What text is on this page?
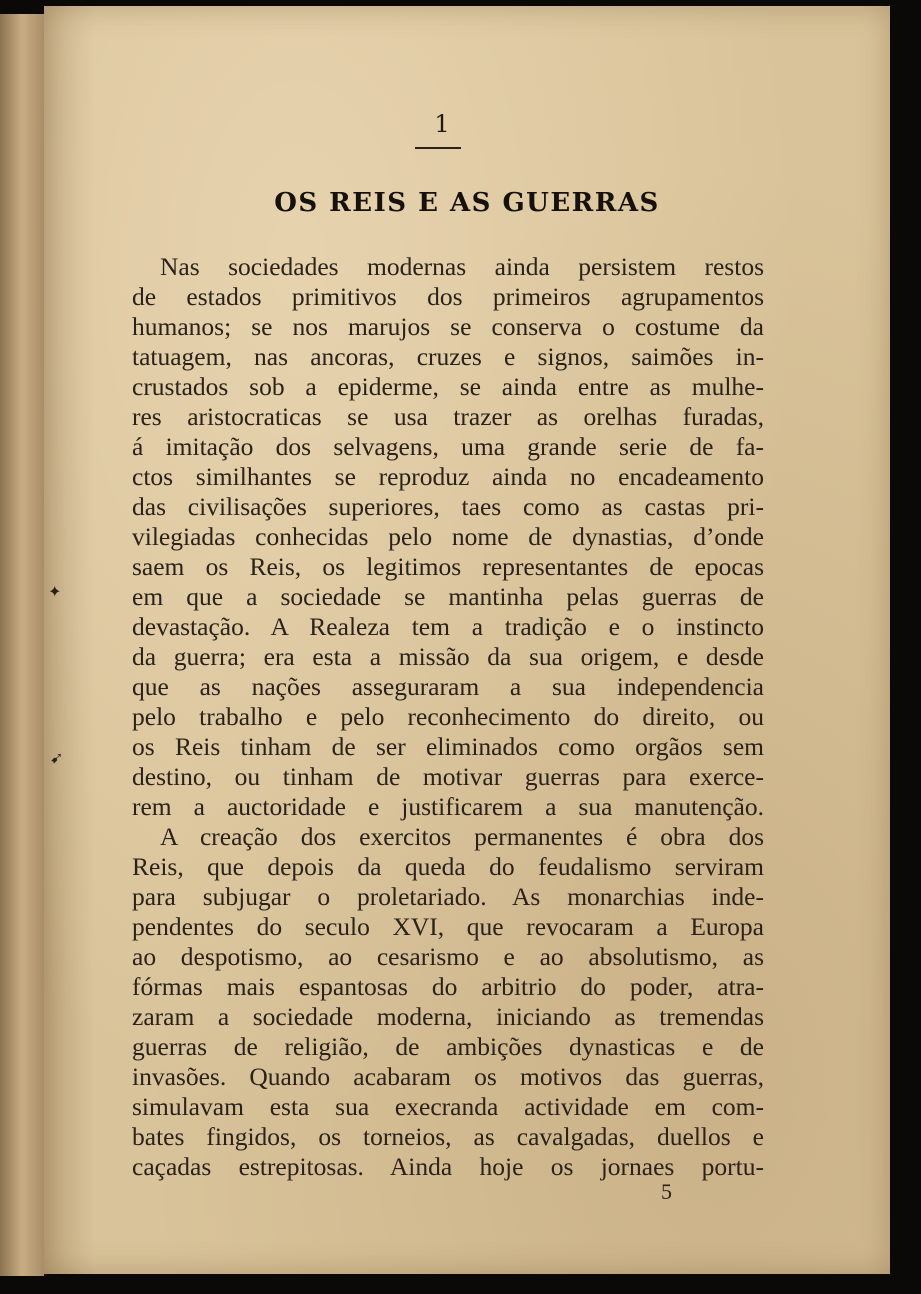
1
OS REIS E AS GUERRAS
Nas sociedades modernas ainda persistem restos
de estados primitivos dos primeiros agrupamentos
humanos; se nos marujos se conserva o costume da
tatuagem, nas ancoras, cruzes e signos, saimões in-
crustados sob a epiderme, se ainda entre as mulhe-
res aristocraticas se usa trazer as orelhas furadas,
á imitação dos selvagens, uma grande serie de fa-
ctos similhantes se reproduz ainda no encadeamento
das civilisações superiores, taes como as castas pri-
vilegiadas conhecidas pelo nome de dynastias, d’onde
saem os Reis, os legitimos representantes de epocas
em que a sociedade se mantinha pelas guerras de
devastação. A Realeza tem a tradição e o instincto
da guerra; era esta a missão da sua origem, e desde
que as nações asseguraram a sua independencia
pelo trabalho e pelo reconhecimento do direito, ou
os Reis tinham de ser eliminados como orgãos sem
destino, ou tinham de motivar guerras para exerce-
rem a auctoridade e justificarem a sua manutenção.
A creação dos exercitos permanentes é obra dos
Reis, que depois da queda do feudalismo serviram
para subjugar o proletariado. As monarchias inde-
pendentes do seculo XVI, que revocaram a Europa
ao despotismo, ao cesarismo e ao absolutismo, as
fórmas mais espantosas do arbitrio do poder, atra-
zaram a sociedade moderna, iniciando as tremendas
guerras de religião, de ambições dynasticas e de
invasões. Quando acabaram os motivos das guerras,
simulavam esta sua execranda actividade em com-
bates fingidos, os torneios, as cavalgadas, duellos e
caçadas estrepitosas. Ainda hoje os jornaes portu-
5
✦
➹
